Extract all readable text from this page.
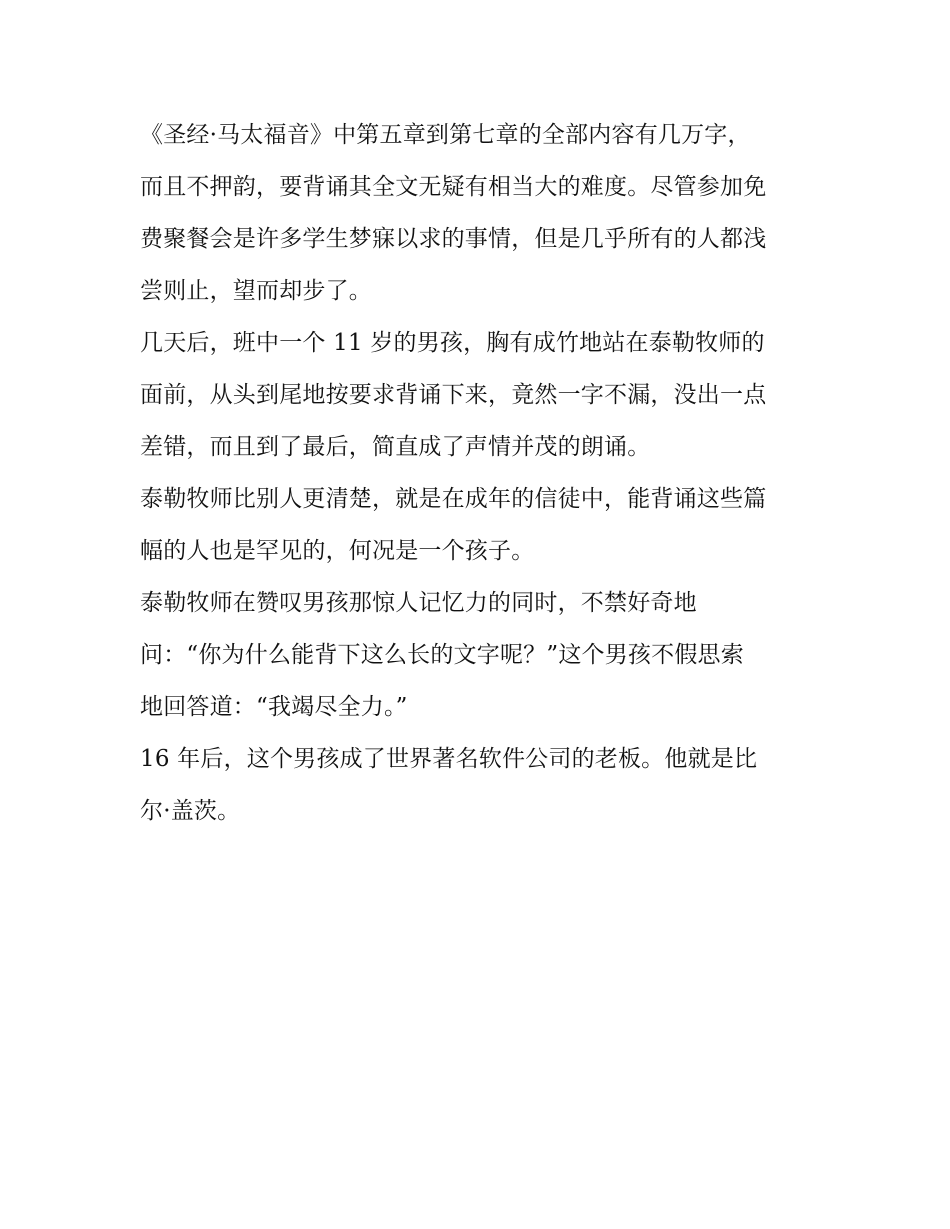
《圣经·马太福音》中第五章到第七章的全部内容有几万字，
而且不押韵，要背诵其全文无疑有相当大的难度。尽管参加免
费聚餐会是许多学生梦寐以求的事情，但是几乎所有的人都浅
尝则止，望而却步了。
几天后，班中一个 11 岁的男孩，胸有成竹地站在泰勒牧师的
面前，从头到尾地按要求背诵下来，竟然一字不漏，没出一点
差错，而且到了最后，简直成了声情并茂的朗诵。
泰勒牧师比别人更清楚，就是在成年的信徒中，能背诵这些篇
幅的人也是罕见的，何况是一个孩子。
泰勒牧师在赞叹男孩那惊人记忆力的同时，不禁好奇地
问：“你为什么能背下这么长的文字呢？”这个男孩不假思索
地回答道：“我竭尽全力。”
16 年后，这个男孩成了世界著名软件公司的老板。他就是比
尔·盖茨。
